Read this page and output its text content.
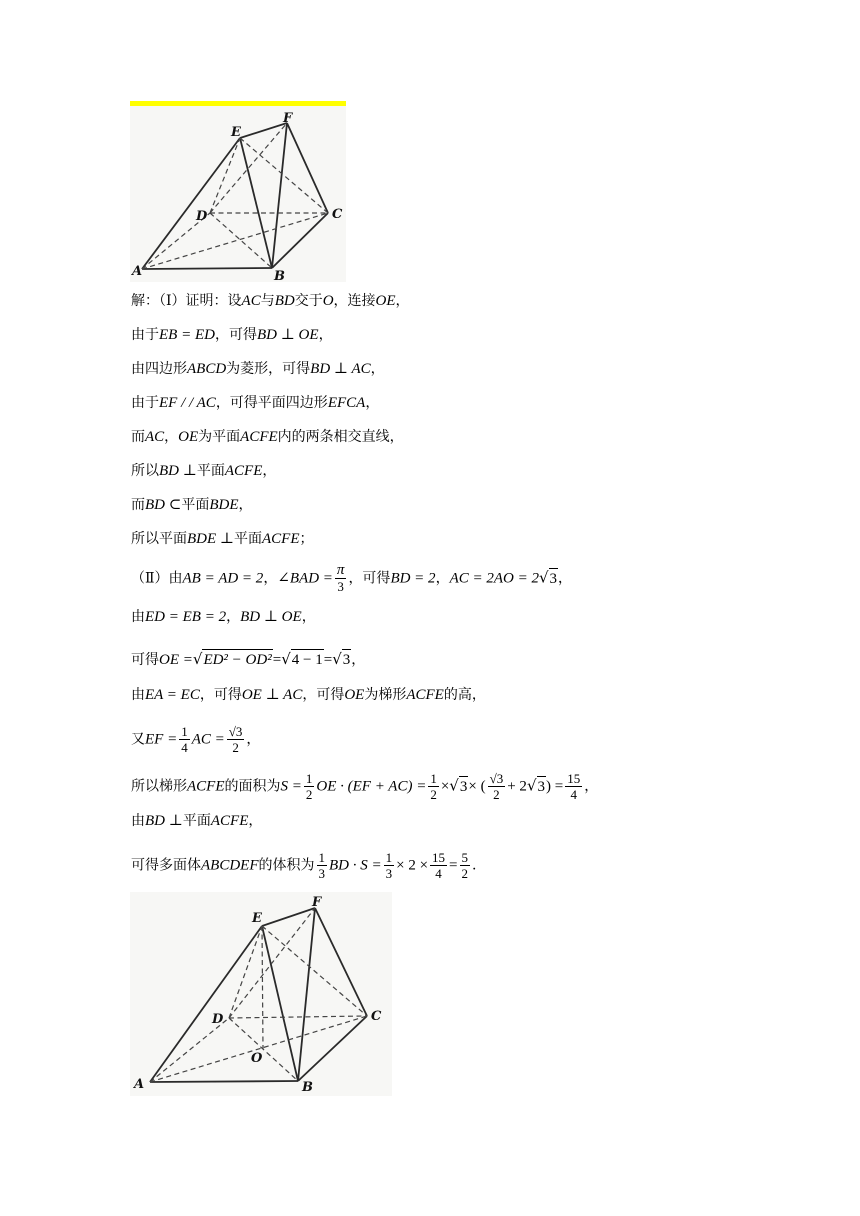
A	B
C
D
E
F
解：（Ⅰ）证明：设AC与BD交于O，连接OE，
由于EB = ED，可得BD ⊥ OE，
由四边形ABCD为菱形，可得BD ⊥ AC，
由于EF / / AC，可得平面四边形EFCA，
而AC，OE为平面ACFE内的两条相交直线，
所以BD ⊥平面ACFE，
而BD ⊂平面BDE，
所以平面BDE ⊥平面ACFE；
（Ⅱ）由AB = AD = 2，∠BAD = $\frac{\pi}{3}$ ，可得BD = 2，AC = 2AO = 2√3，
由ED = EB = 2，BD ⊥ OE，
可得OE =√ED² − OD²=√4 − 1=√3，
由EA = EC，可得OE ⊥ AC，可得OE为梯形ACFE的高，
又EF = $\frac{1}{4}$ AC = $\frac{√3}{2}$ ，
所以梯形ACFE的面积为$S = \frac{1}{2}$ OE · $(EF + AC) = \frac{1}{2} \times√3\times$ ( $\frac{√3}{2} + 2√3) = \frac{15}{4}$ ，
由BD ⊥平面ACFE，
可得多面体ABCDEF的体积为 $\frac{1}{3}$ BD · $S = \frac{1}{3} \times 2 \times \frac{15}{4} = \frac{5}{2}$ .
A	B
C
D
E
F
O
